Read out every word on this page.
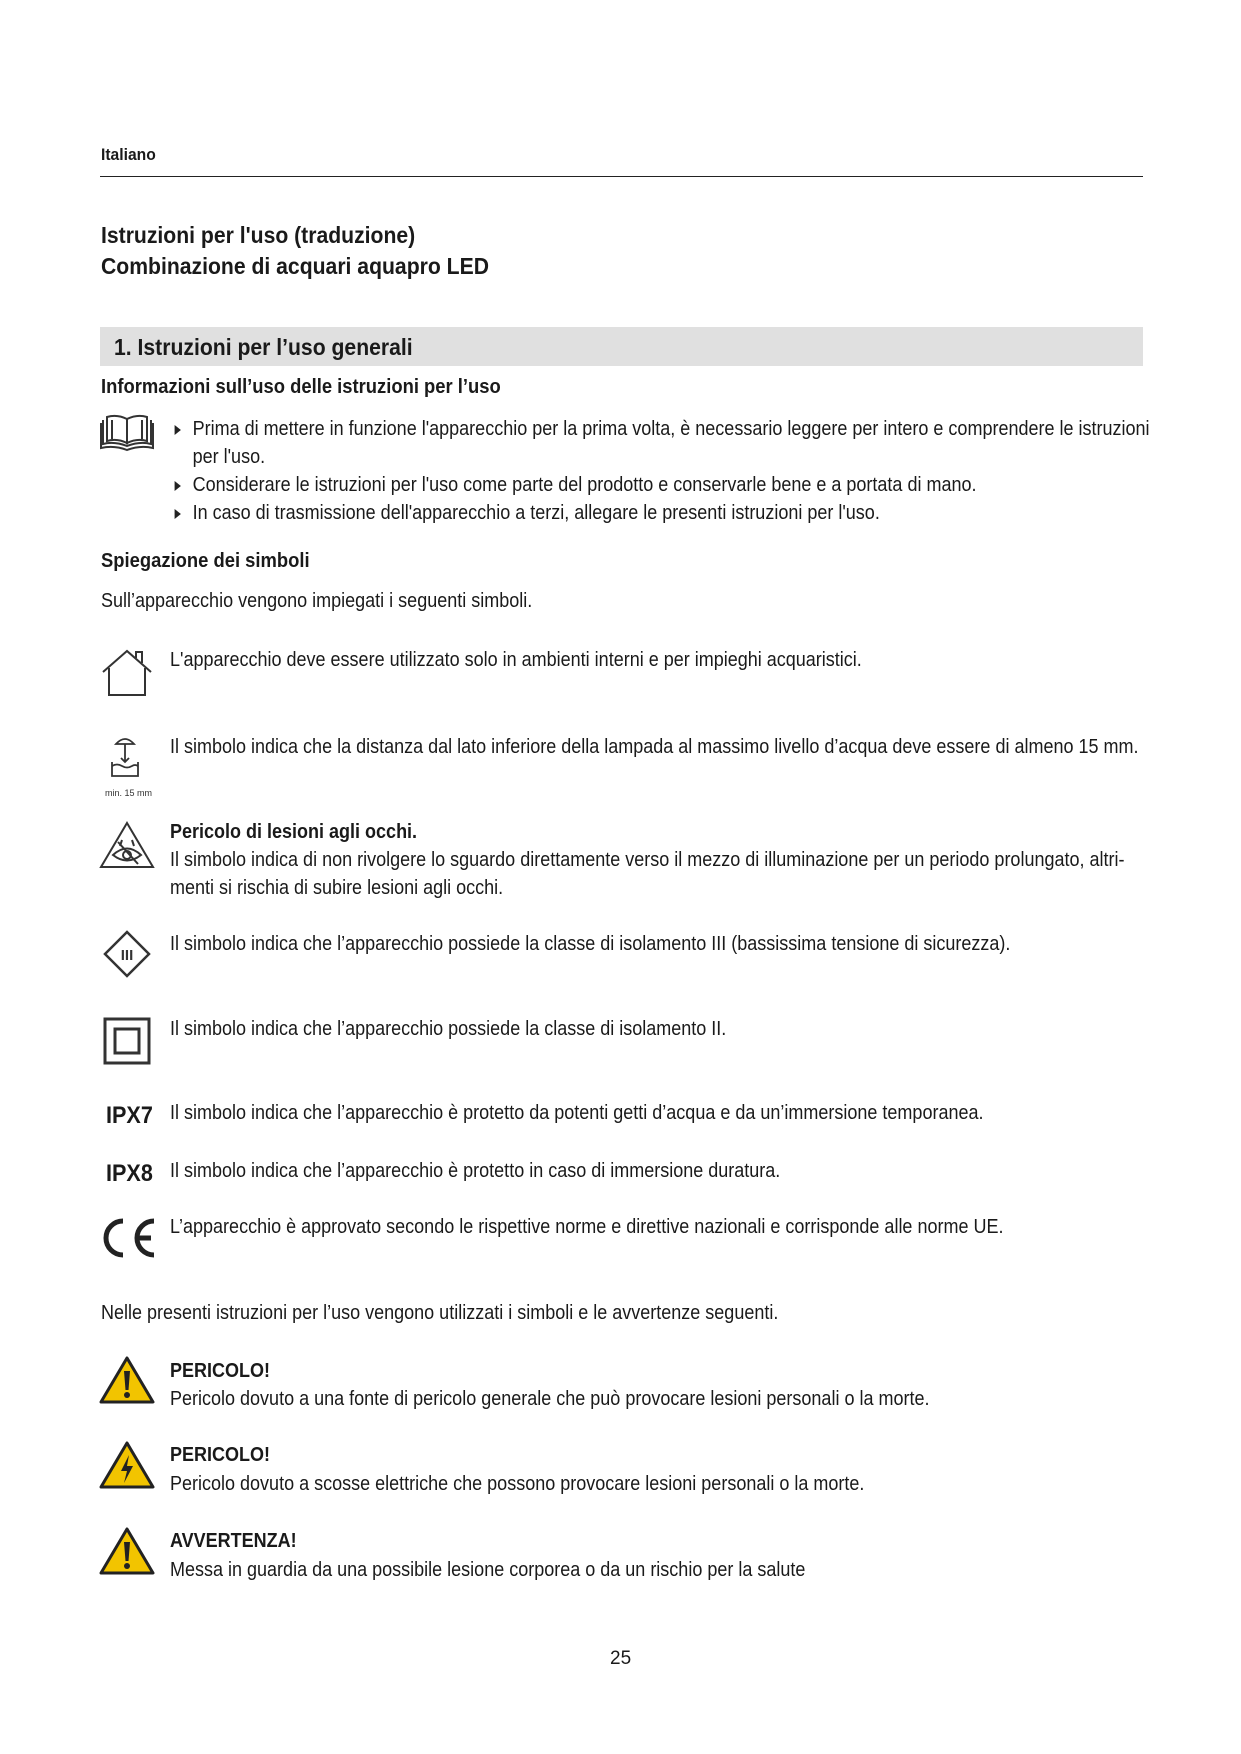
Italiano
Istruzioni per l'uso (traduzione)
Combinazione di acquari aquapro LED
1. Istruzioni per l’uso generali
Informazioni sull’uso delle istruzioni per l’uso
Prima di mettere in funzione l'apparecchio per la prima volta, è necessario leggere per intero e comprendere le istruzioni
per l'uso.
Considerare le istruzioni per l'uso come parte del prodotto e conservarle bene e a portata di mano.
In caso di trasmissione dell'apparecchio a terzi, allegare le presenti istruzioni per l'uso.
Spiegazione dei simboli
Sull’apparecchio vengono impiegati i seguenti simboli.
L'apparecchio deve essere utilizzato solo in ambienti interni e per impieghi acquaristici.
min. 15 mm
Il simbolo indica che la distanza dal lato inferiore della lampada al massimo livello d’acqua deve essere di almeno 15 mm.
Pericolo di lesioni agli occhi.
Il simbolo indica di non rivolgere lo sguardo direttamente verso il mezzo di illuminazione per un periodo prolungato, altri-
menti si rischia di subire lesioni agli occhi.
III
Il simbolo indica che l’apparecchio possiede la classe di isolamento III (bassissima tensione di sicurezza).
Il simbolo indica che l’apparecchio possiede la classe di isolamento II.
IPX7 Il simbolo indica che l’apparecchio è protetto da potenti getti d’acqua e da un’immersione temporanea.
IPX8 Il simbolo indica che l’apparecchio è protetto in caso di immersione duratura.
L’apparecchio è approvato secondo le rispettive norme e direttive nazionali e corrisponde alle norme UE.
Nelle presenti istruzioni per l’uso vengono utilizzati i simboli e le avvertenze seguenti.
PERICOLO!
Pericolo dovuto a una fonte di pericolo generale che può provocare lesioni personali o la morte.
PERICOLO!
Pericolo dovuto a scosse elettriche che possono provocare lesioni personali o la morte.
AVVERTENZA!
Messa in guardia da una possibile lesione corporea o da un rischio per la salute
25
